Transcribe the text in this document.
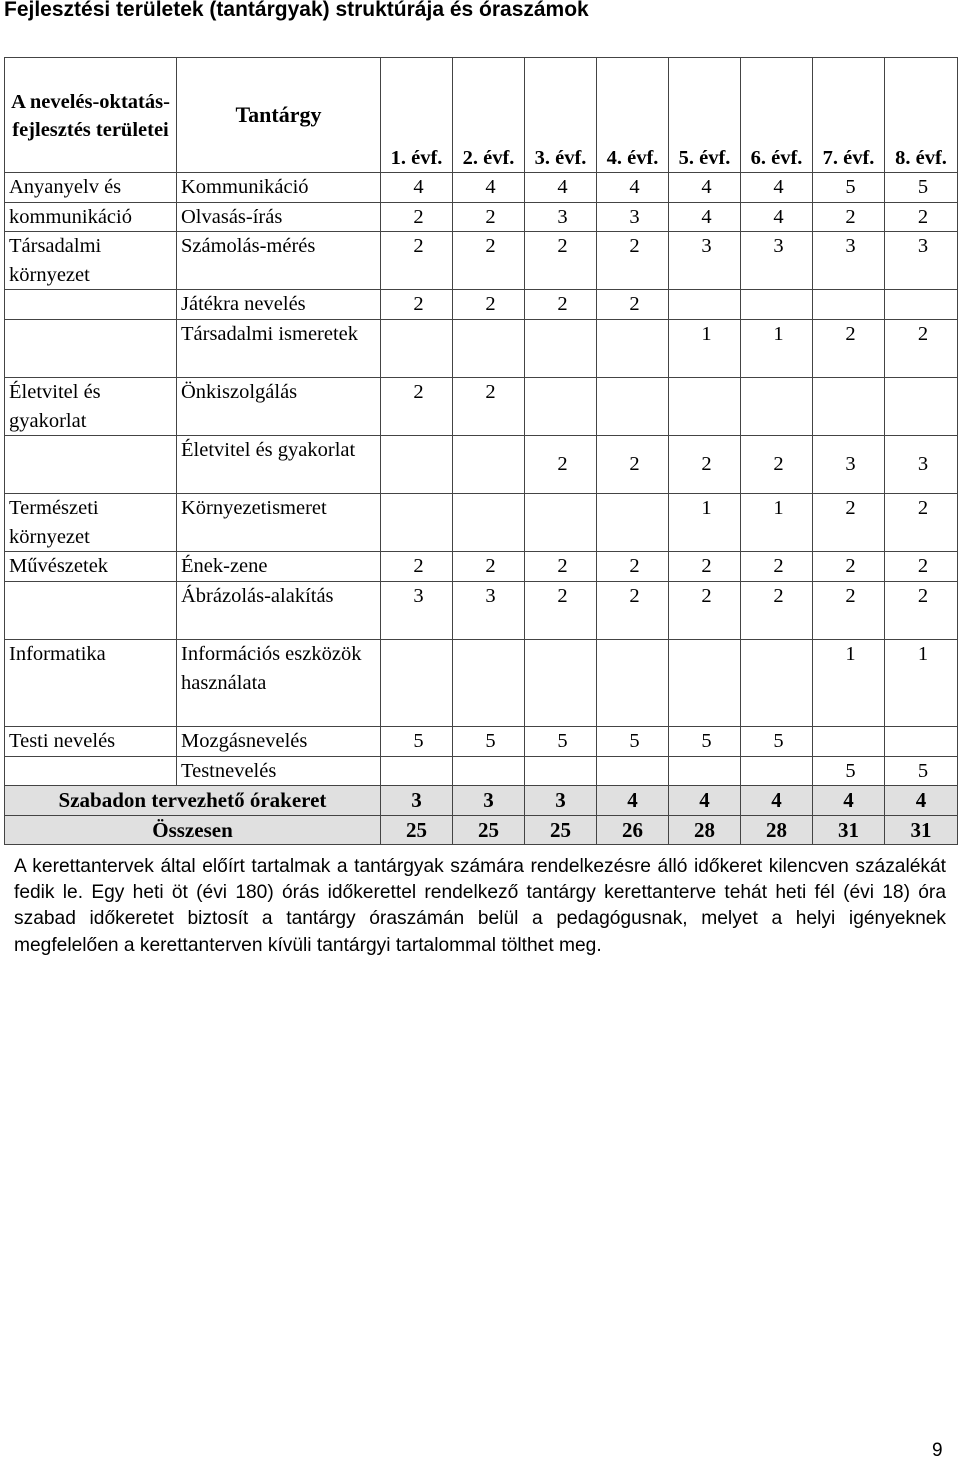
Fejlesztési területek (tantárgyak) struktúrája és óraszámok
A nevelés-oktatás-fejlesztés területei	Tantárgy	1. évf.	2. évf.	3. évf.	4. évf.	5. évf.	6. évf.	7. évf.	8. évf.
Anyanyelv és	Kommunikáció	4	4	4	4	4	4	5	5
kommunikáció	Olvasás-írás	2	2	3	3	4	4	2	2
Társadalmi környezet	Számolás-mérés	2	2	2	2	3	3	3	3
	Játékra nevelés	2	2	2	2				
	Társadalmi ismeretek					1	1	2	2
Életvitel és gyakorlat	Önkiszolgálás	2	2						
	Életvitel és gyakorlat			2	2	2	2	3	3
Természeti környezet	Környezetismeret					1	1	2	2
Művészetek	Ének-zene	2	2	2	2	2	2	2	2
	Ábrázolás-alakítás	3	3	2	2	2	2	2	2
Informatika	Információs eszközök használata							1	1
Testi nevelés	Mozgásnevelés	5	5	5	5	5	5		
	Testnevelés							5	5
Szabadon tervezhető órakeret		3	3	3	4	4	4	4	4
Összesen		25	25	25	26	28	28	31	31
A kerettantervek által előírt tartalmak a tantárgyak számára rendelkezésre álló időkeret kilencven százalékát fedik le. Egy heti öt (évi 180) órás időkerettel rendelkező tantárgy kerettanterve tehát heti fél (évi 18) óra szabad időkeretet biztosít a tantárgy óraszámán belül a pedagógusnak, melyet a helyi igényeknek megfelelően a kerettanterven kívüli tantárgyi tartalommal tölthet meg.
9
